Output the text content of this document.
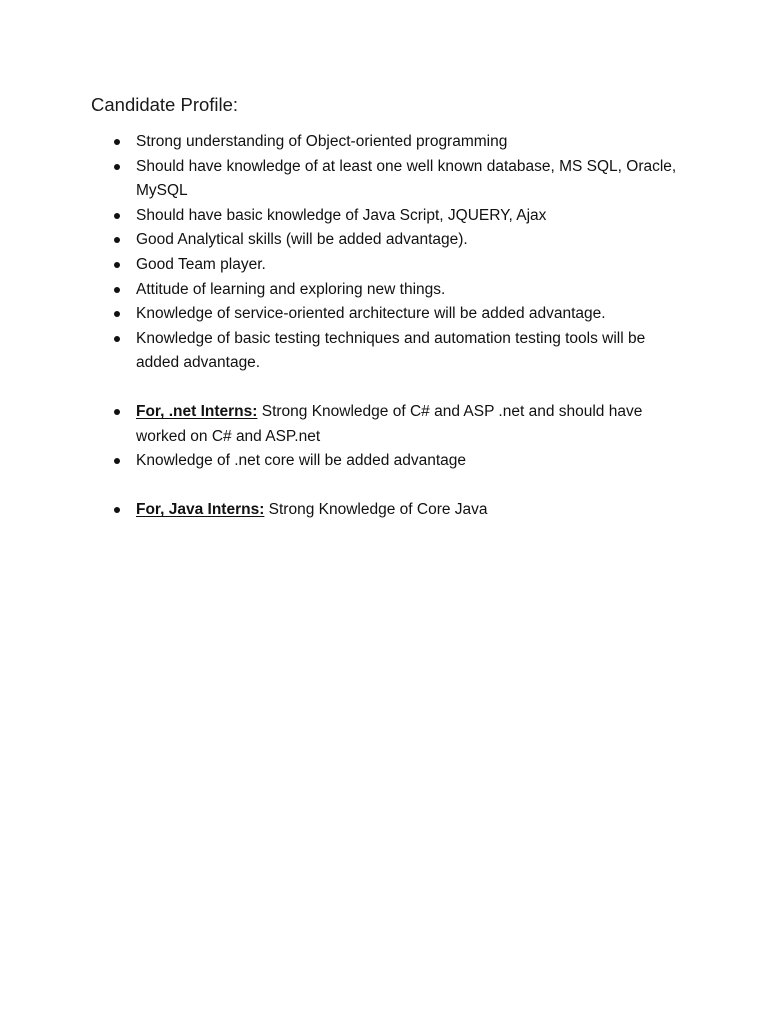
Candidate Profile:
Strong understanding of Object-oriented programming
Should have knowledge of at least one well known database, MS SQL, Oracle, MySQL
Should have basic knowledge of Java Script, JQUERY, Ajax
Good Analytical skills (will be added advantage).
Good Team player.
Attitude of learning and exploring new things.
Knowledge of service-oriented architecture will be added advantage.
Knowledge of basic testing techniques and automation testing tools will be added advantage.
For, .net Interns: Strong Knowledge of C# and ASP .net and should have worked on C# and ASP.net
Knowledge of .net core will be added advantage
For, Java Interns: Strong Knowledge of Core Java
